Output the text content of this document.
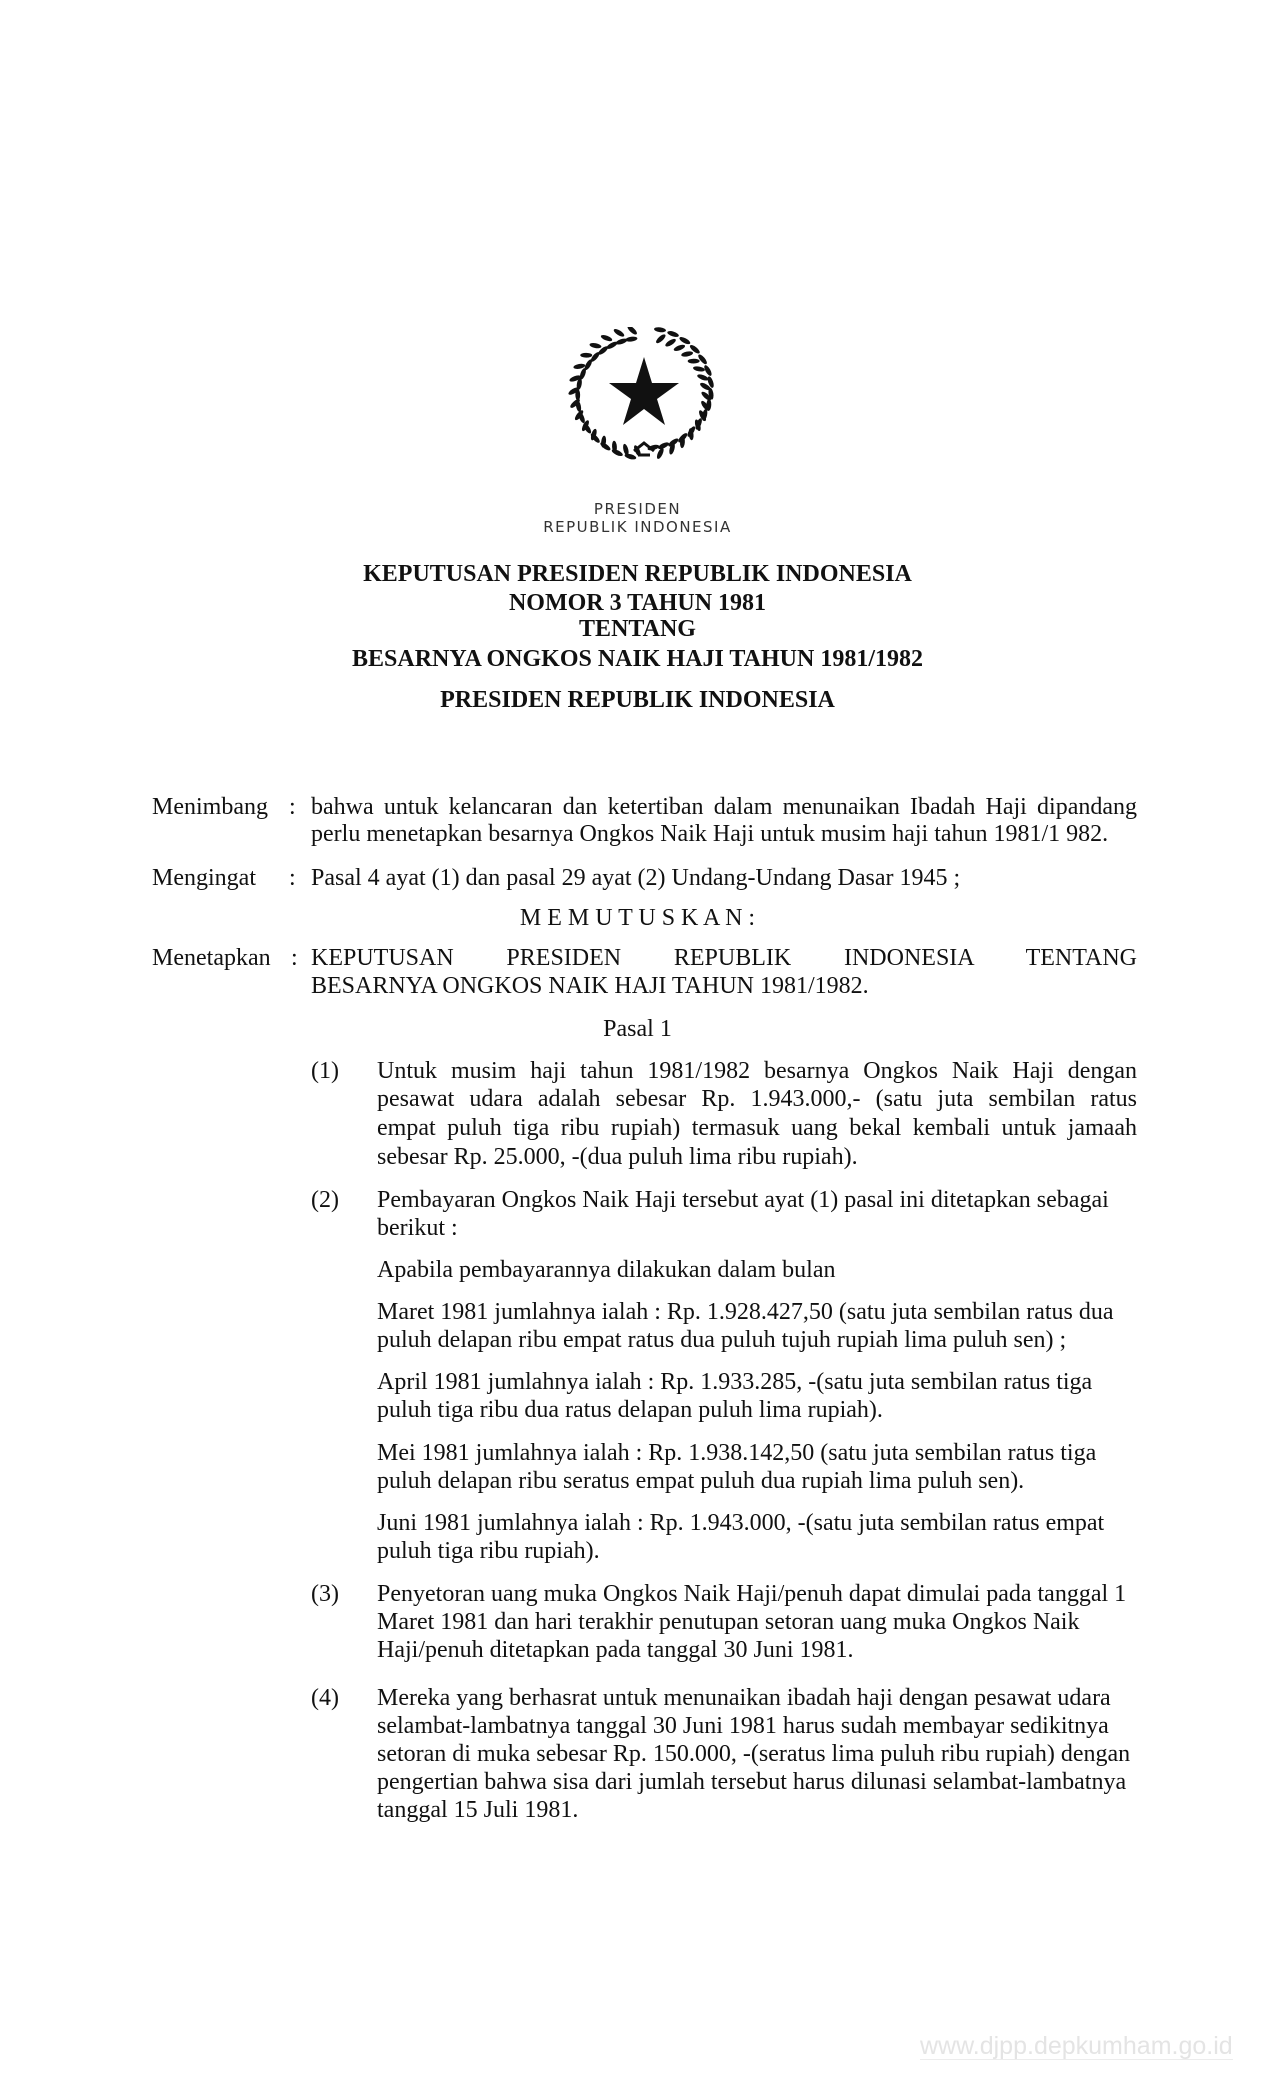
PRESIDEN
REPUBLIK INDONESIA
KEPUTUSAN PRESIDEN REPUBLIK INDONESIA
NOMOR 3 TAHUN 1981
TENTANG
BESARNYA ONGKOS NAIK HAJI TAHUN 1981/1982
PRESIDEN REPUBLIK INDONESIA
Menimbang : bahwa untuk kelancaran dan ketertiban dalam menunaikan Ibadah Haji dipandang
perlu menetapkan besarnya Ongkos Naik Haji untuk musim haji tahun 1981/1 982.
Mengingat : Pasal 4 ayat (1) dan pasal 29 ayat (2) Undang-Undang Dasar 1945 ;
M E M U T U S K A N :
Menetapkan : KEPUTUSAN PRESIDEN REPUBLIK INDONESIA TENTANG
BESARNYA ONGKOS NAIK HAJI TAHUN 1981/1982.
Pasal 1
(1) Untuk musim haji tahun 1981/1982 besarnya Ongkos Naik Haji dengan
pesawat udara adalah sebesar Rp. 1.943.000,- (satu juta sembilan ratus
empat puluh tiga ribu rupiah) termasuk uang bekal kembali untuk jamaah
sebesar Rp. 25.000, -(dua puluh lima ribu rupiah).
(2) Pembayaran Ongkos Naik Haji tersebut ayat (1) pasal ini ditetapkan sebagai
berikut :
Apabila pembayarannya dilakukan dalam bulan
Maret 1981 jumlahnya ialah : Rp. 1.928.427,50 (satu juta sembilan ratus dua
puluh delapan ribu empat ratus dua puluh tujuh rupiah lima puluh sen) ;
April 1981 jumlahnya ialah : Rp. 1.933.285, -(satu juta sembilan ratus tiga
puluh tiga ribu dua ratus delapan puluh lima rupiah).
Mei 1981 jumlahnya ialah : Rp. 1.938.142,50 (satu juta sembilan ratus tiga
puluh delapan ribu seratus empat puluh dua rupiah lima puluh sen).
Juni 1981 jumlahnya ialah : Rp. 1.943.000, -(satu juta sembilan ratus empat
puluh tiga ribu rupiah).
(3) Penyetoran uang muka Ongkos Naik Haji/penuh dapat dimulai pada tanggal 1
Maret 1981 dan hari terakhir penutupan setoran uang muka Ongkos Naik
Haji/penuh ditetapkan pada tanggal 30 Juni 1981.
(4) Mereka yang berhasrat untuk menunaikan ibadah haji dengan pesawat udara
selambat-lambatnya tanggal 30 Juni 1981 harus sudah membayar sedikitnya
setoran di muka sebesar Rp. 150.000, -(seratus lima puluh ribu rupiah) dengan
pengertian bahwa sisa dari jumlah tersebut harus dilunasi selambat-lambatnya
tanggal 15 Juli 1981.
www.djpp.depkumham.go.id
